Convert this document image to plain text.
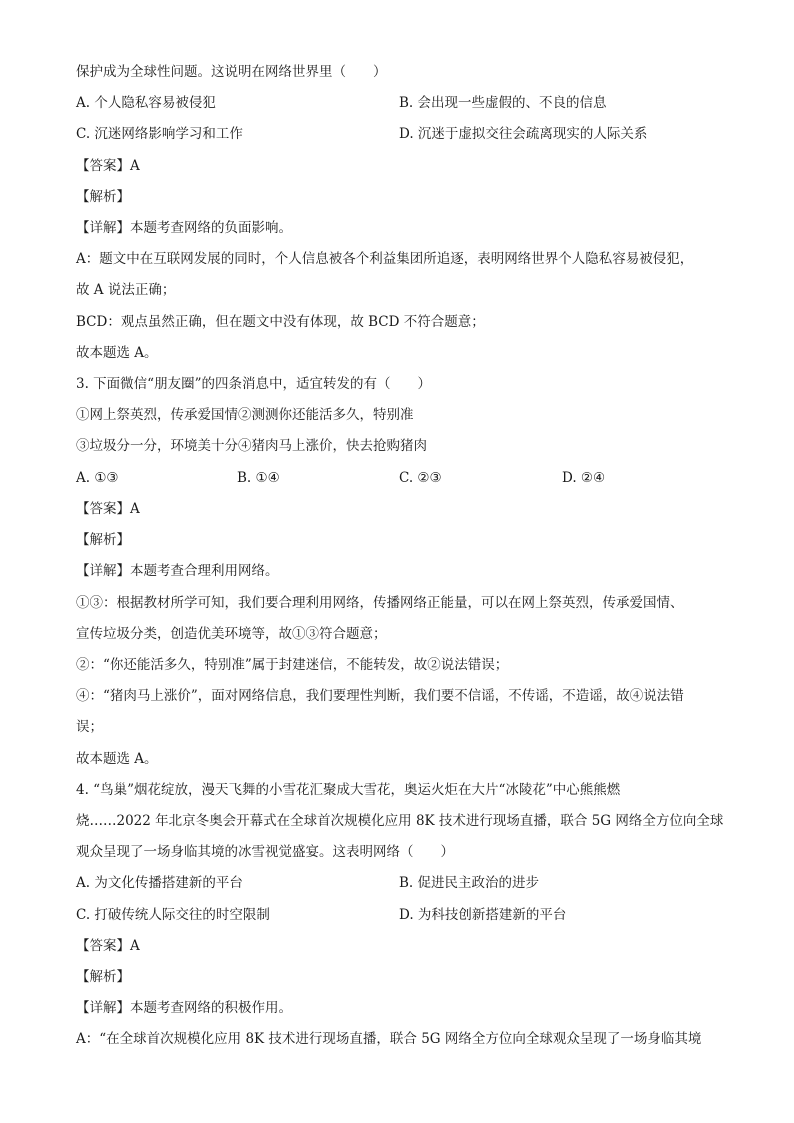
保护成为全球性问题。这说明在网络世界里（　　）
A. 个人隐私容易被侵犯	B. 会出现一些虚假的、不良的信息
C. 沉迷网络影响学习和工作	D. 沉迷于虚拟交往会疏离现实的人际关系
【答案】A
【解析】
【详解】本题考查网络的负面影响。
A：题文中在互联网发展的同时，个人信息被各个利益集团所追逐，表明网络世界个人隐私容易被侵犯，
故 A 说法正确；
BCD：观点虽然正确，但在题文中没有体现，故 BCD 不符合题意；
故本题选 A。
3. 下面微信“朋友圈”的四条消息中，适宜转发的有（　　）
①网上祭英烈，传承爱国情②测测你还能活多久，特别准
③垃圾分一分，环境美十分④猪肉马上涨价，快去抢购猪肉
A. ①③	B. ①④	C. ②③	D. ②④
【答案】A
【解析】
【详解】本题考查合理利用网络。
①③：根据教材所学可知，我们要合理利用网络，传播网络正能量，可以在网上祭英烈，传承爱国情、
宣传垃圾分类，创造优美环境等，故①③符合题意；
②：“你还能活多久，特别准”属于封建迷信，不能转发，故②说法错误；
④：“猪肉马上涨价”，面对网络信息，我们要理性判断，我们要不信谣，不传谣，不造谣，故④说法错
误；
故本题选 A。
4. “鸟巢”烟花绽放，漫天飞舞的小雪花汇聚成大雪花，奥运火炬在大片“冰陵花”中心熊熊燃
烧……2022 年北京冬奥会开幕式在全球首次规模化应用 8K 技术进行现场直播，联合 5G 网络全方位向全球
观众呈现了一场身临其境的冰雪视觉盛宴。这表明网络（　　）
A. 为文化传播搭建新的平台	B. 促进民主政治的进步
C. 打破传统人际交往的时空限制	D. 为科技创新搭建新的平台
【答案】A
【解析】
【详解】本题考查网络的积极作用。
A：“在全球首次规模化应用 8K 技术进行现场直播，联合 5G 网络全方位向全球观众呈现了一场身临其境
